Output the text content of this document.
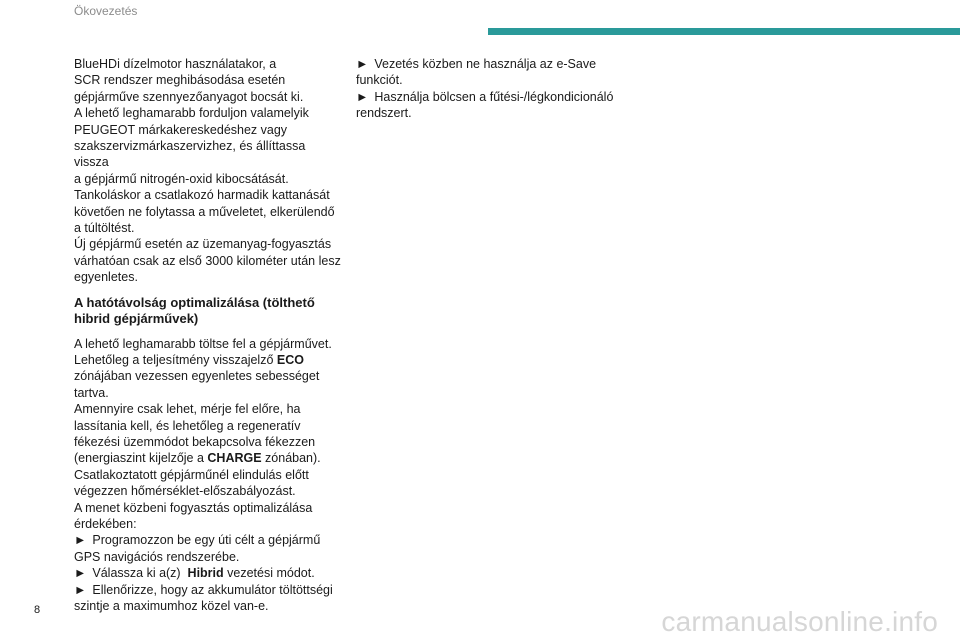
Ökovezetés

BlueHDi dízelmotor használatakor, a
SCR rendszer meghibásodása esetén
gépjárműve szennyezőanyagot bocsát ki.
A lehető leghamarabb forduljon valamelyik
PEUGEOT márkakereskedéshez vagy
szakszervizmárkaszervizhez, és állíttassa vissza
a gépjármű nitrogén-oxid kibocsátását.
Tankoláskor a csatlakozó harmadik kattanását
követően ne folytassa a műveletet, elkerülendő
a túltöltést.
Új gépjármű esetén az üzemanyag-fogyasztás
várhatóan csak az első 3000 kilométer után lesz
egyenletes.

A hatótávolság optimalizálása (tölthető
hibrid gépjárművek)

A lehető leghamarabb töltse fel a gépjárművet.
Lehetőleg a teljesítmény visszajelző ECO
zónájában vezessen egyenletes sebességet
tartva.
Amennyire csak lehet, mérje fel előre, ha
lassítania kell, és lehetőleg a regeneratív
fékezési üzemmódot bekapcsolva fékezzen
(energiaszint kijelzője a CHARGE zónában).
Csatlakoztatott gépjárműnél elindulás előtt
végezzen hőmérséklet-előszabályozást.
A menet közbeni fogyasztás optimalizálása
érdekében:
► Programozzon be egy úti célt a gépjármű
GPS navigációs rendszerébe.
► Válassza ki a(z)  Hibrid vezetési módot.
► Ellenőrizze, hogy az akkumulátor töltöttségi
szintje a maximumhoz közel van-e.

► Vezetés közben ne használja az e-Save
funkciót.
► Használja bölcsen a fűtési-/légkondicionáló
rendszert.

8	carmanualsonline.info
